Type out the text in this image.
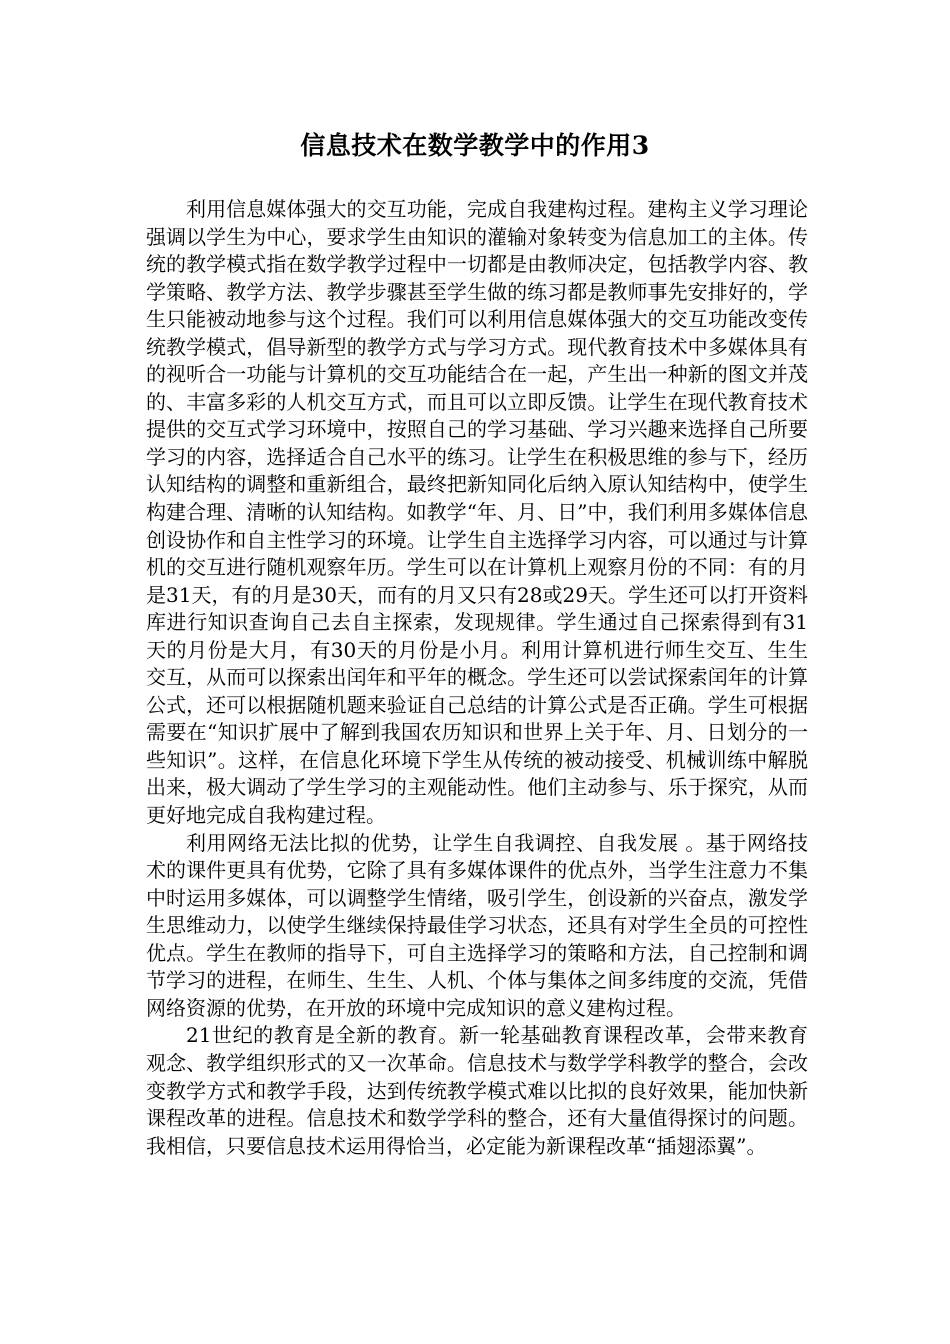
信息技术在数学教学中的作用3

利用信息媒体强大的交互功能，完成自我建构过程。建构主义学习理论强调以学生为中心，要求学生由知识的灌输对象转变为信息加工的主体。传统的教学模式指在数学教学过程中一切都是由教师决定，包括教学内容、教学策略、教学方法、教学步骤甚至学生做的练习都是教师事先安排好的，学生只能被动地参与这个过程。我们可以利用信息媒体强大的交互功能改变传统教学模式，倡导新型的教学方式与学习方式。现代教育技术中多媒体具有的视听合一功能与计算机的交互功能结合在一起，产生出一种新的图文并茂的、丰富多彩的人机交互方式，而且可以立即反馈。让学生在现代教育技术提供的交互式学习环境中，按照自己的学习基础、学习兴趣来选择自己所要学习的内容，选择适合自己水平的练习。让学生在积极思维的参与下，经历认知结构的调整和重新组合，最终把新知同化后纳入原认知结构中，使学生构建合理、清晰的认知结构。如教学“年、月、日”中，我们利用多媒体信息创设协作和自主性学习的环境。让学生自主选择学习内容，可以通过与计算机的交互进行随机观察年历。学生可以在计算机上观察月份的不同：有的月是31天，有的月是30天，而有的月又只有28或29天。学生还可以打开资料库进行知识查询自己去自主探索，发现规律。学生通过自己探索得到有31天的月份是大月，有30天的月份是小月。利用计算机进行师生交互、生生交互，从而可以探索出闰年和平年的概念。学生还可以尝试探索闰年的计算公式，还可以根据随机题来验证自己总结的计算公式是否正确。学生可根据需要在“知识扩展中了解到我国农历知识和世界上关于年、月、日划分的一些知识”。这样，在信息化环境下学生从传统的被动接受、机械训练中解脱出来，极大调动了学生学习的主观能动性。他们主动参与、乐于探究，从而更好地完成自我构建过程。

利用网络无法比拟的优势，让学生自我调控、自我发展 。基于网络技术的课件更具有优势，它除了具有多媒体课件的优点外，当学生注意力不集中时运用多媒体，可以调整学生情绪，吸引学生，创设新的兴奋点，激发学生思维动力，以使学生继续保持最佳学习状态，还具有对学生全员的可控性优点。学生在教师的指导下，可自主选择学习的策略和方法，自己控制和调节学习的进程，在师生、生生、人机、个体与集体之间多纬度的交流，凭借网络资源的优势，在开放的环境中完成知识的意义建构过程。

21世纪的教育是全新的教育。新一轮基础教育课程改革，会带来教育观念、教学组织形式的又一次革命。信息技术与数学学科教学的整合，会改变教学方式和教学手段，达到传统教学模式难以比拟的良好效果，能加快新课程改革的进程。信息技术和数学学科的整合，还有大量值得探讨的问题。我相信，只要信息技术运用得恰当，必定能为新课程改革“插翅添翼”。
